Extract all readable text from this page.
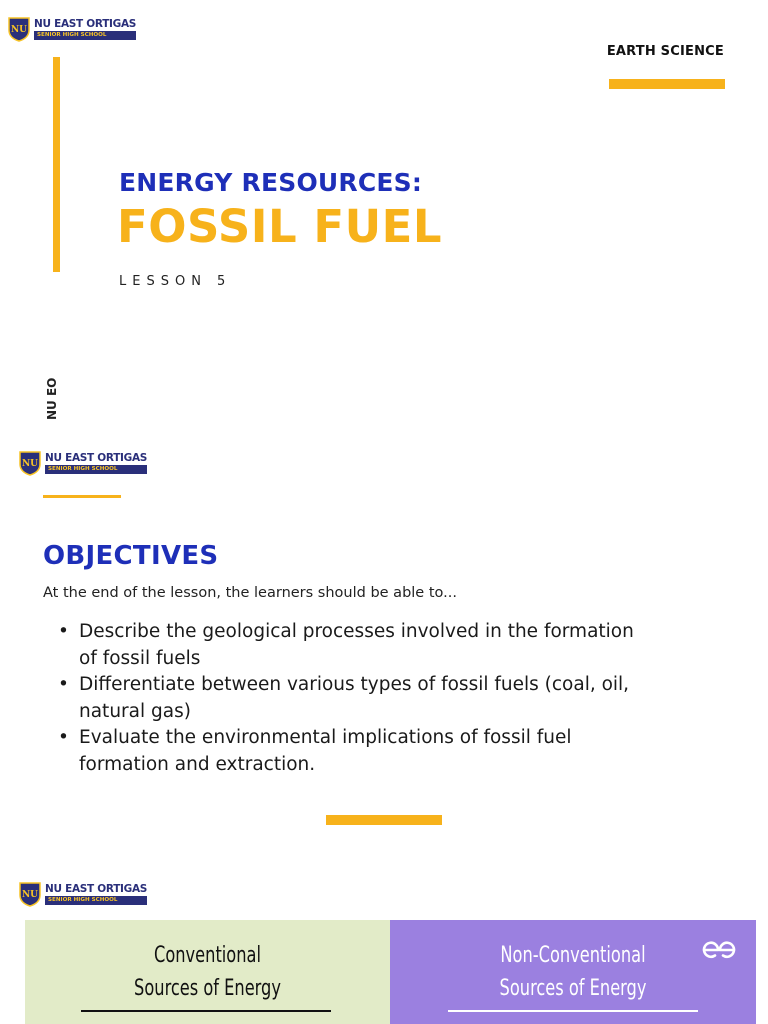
NU NU EAST ORTIGAS
SENIOR HIGH SCHOOL
EARTH SCIENCE
ENERGY RESOURCES:
FOSSIL FUEL
LESSON 5
NU EO
NU NU EAST ORTIGAS
SENIOR HIGH SCHOOL
OBJECTIVES
At the end of the lesson, the learners should be able to...
• Describe the geological processes involved in the formation
of fossil fuels
• Differentiate between various types of fossil fuels (coal, oil,
natural gas)
• Evaluate the environmental implications of fossil fuel
formation and extraction.
NU NU EAST ORTIGAS
SENIOR HIGH SCHOOL
Conventional
Sources of Energy
Non-Conventional
Sources of Energy
